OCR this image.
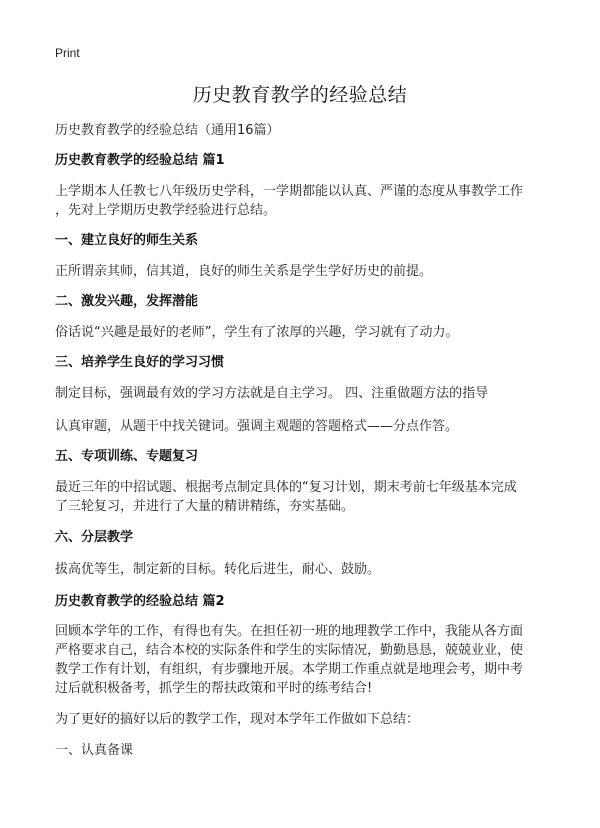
Print
历史教育教学的经验总结
历史教育教学的经验总结（通用16篇）
历史教育教学的经验总结 篇1
上学期本人任教七八年级历史学科，一学期都能以认真、严谨的态度从事教学工作
，先对上学期历史教学经验进行总结。
一、建立良好的师生关系
正所谓亲其师，信其道，良好的师生关系是学生学好历史的前提。
二、激发兴趣，发挥潜能
俗话说“兴趣是最好的老师”，学生有了浓厚的兴趣，学习就有了动力。
三、培养学生良好的学习习惯
制定目标，强调最有效的学习方法就是自主学习。 四、注重做题方法的指导
认真审题，从题干中找关键词。强调主观题的答题格式——分点作答。
五、专项训练、专题复习
最近三年的中招试题、根据考点制定具体的“复习计划，期末考前七年级基本完成
了三轮复习，并进行了大量的精讲精练，夯实基础。
六、分层教学
拔高优等生，制定新的目标。转化后进生，耐心、鼓励。
历史教育教学的经验总结 篇2
回顾本学年的工作，有得也有失。在担任初一班的地理教学工作中，我能从各方面
严格要求自己，结合本校的实际条件和学生的实际情况，勤勤恳恳，兢兢业业，使
教学工作有计划，有组织，有步骤地开展。本学期工作重点就是地理会考，期中考
过后就积极备考，抓学生的帮扶政策和平时的练考结合!
为了更好的搞好以后的教学工作，现对本学年工作做如下总结：
一、认真备课
